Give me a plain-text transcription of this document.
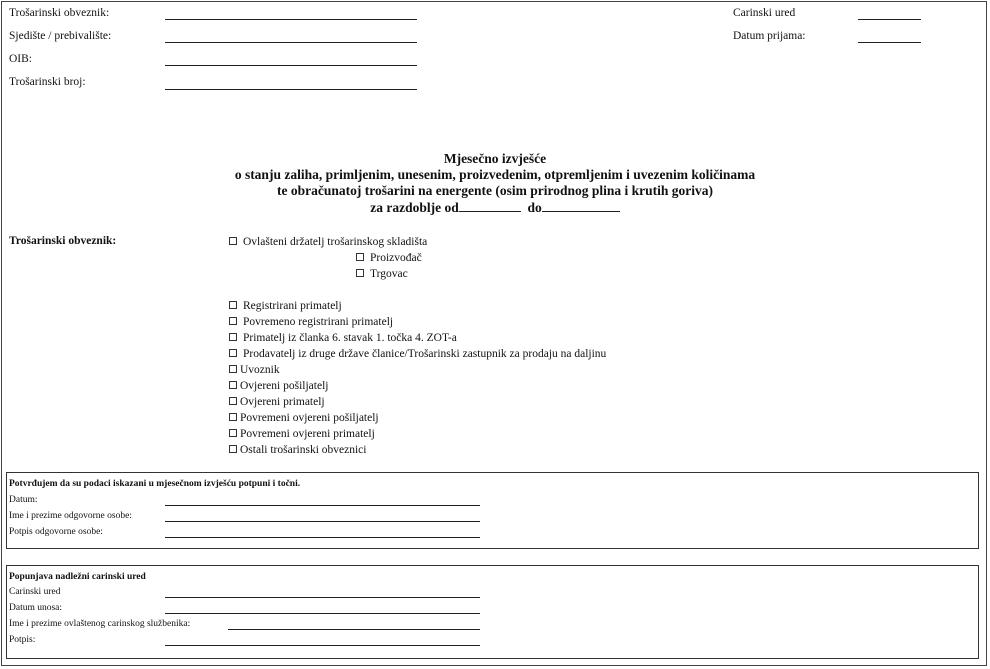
Trošarinski obveznik:
Sjedište / prebivalište:
OIB:
Trošarinski broj:
Carinski ured
Datum prijama:
Mjesečno izvješće
o stanju zaliha, primljenim, unesenim, proizvedenim, otpremljenim i uvezenim količinama
te obračunatoj trošarini na energente (osim prirodnog plina i krutih goriva)
za razdoblje od	do
Trošarinski obveznik:	Ovlašteni držatelj trošarinskog skladišta
Proizvođač
Trgovac
Registrirani primatelj
Povremeno registrirani primatelj
Primatelj iz članka 6. stavak 1. točka 4. ZOT-a
Prodavatelj iz druge države članice/Trošarinski zastupnik za prodaju na daljinu
Uvoznik
Ovjereni pošiljatelj
Ovjereni primatelj
Povremeni ovjereni pošiljatelj
Povremeni ovjereni primatelj
Ostali trošarinski obveznici
Potvrđujem da su podaci iskazani u mjesečnom izvješću potpuni i točni.
Datum:
Ime i prezime odgovorne osobe:
Potpis odgovorne osobe:
Popunjava nadležni carinski ured
Carinski ured
Datum unosa:
Ime i prezime ovlaštenog carinskog službenika:
Potpis:
